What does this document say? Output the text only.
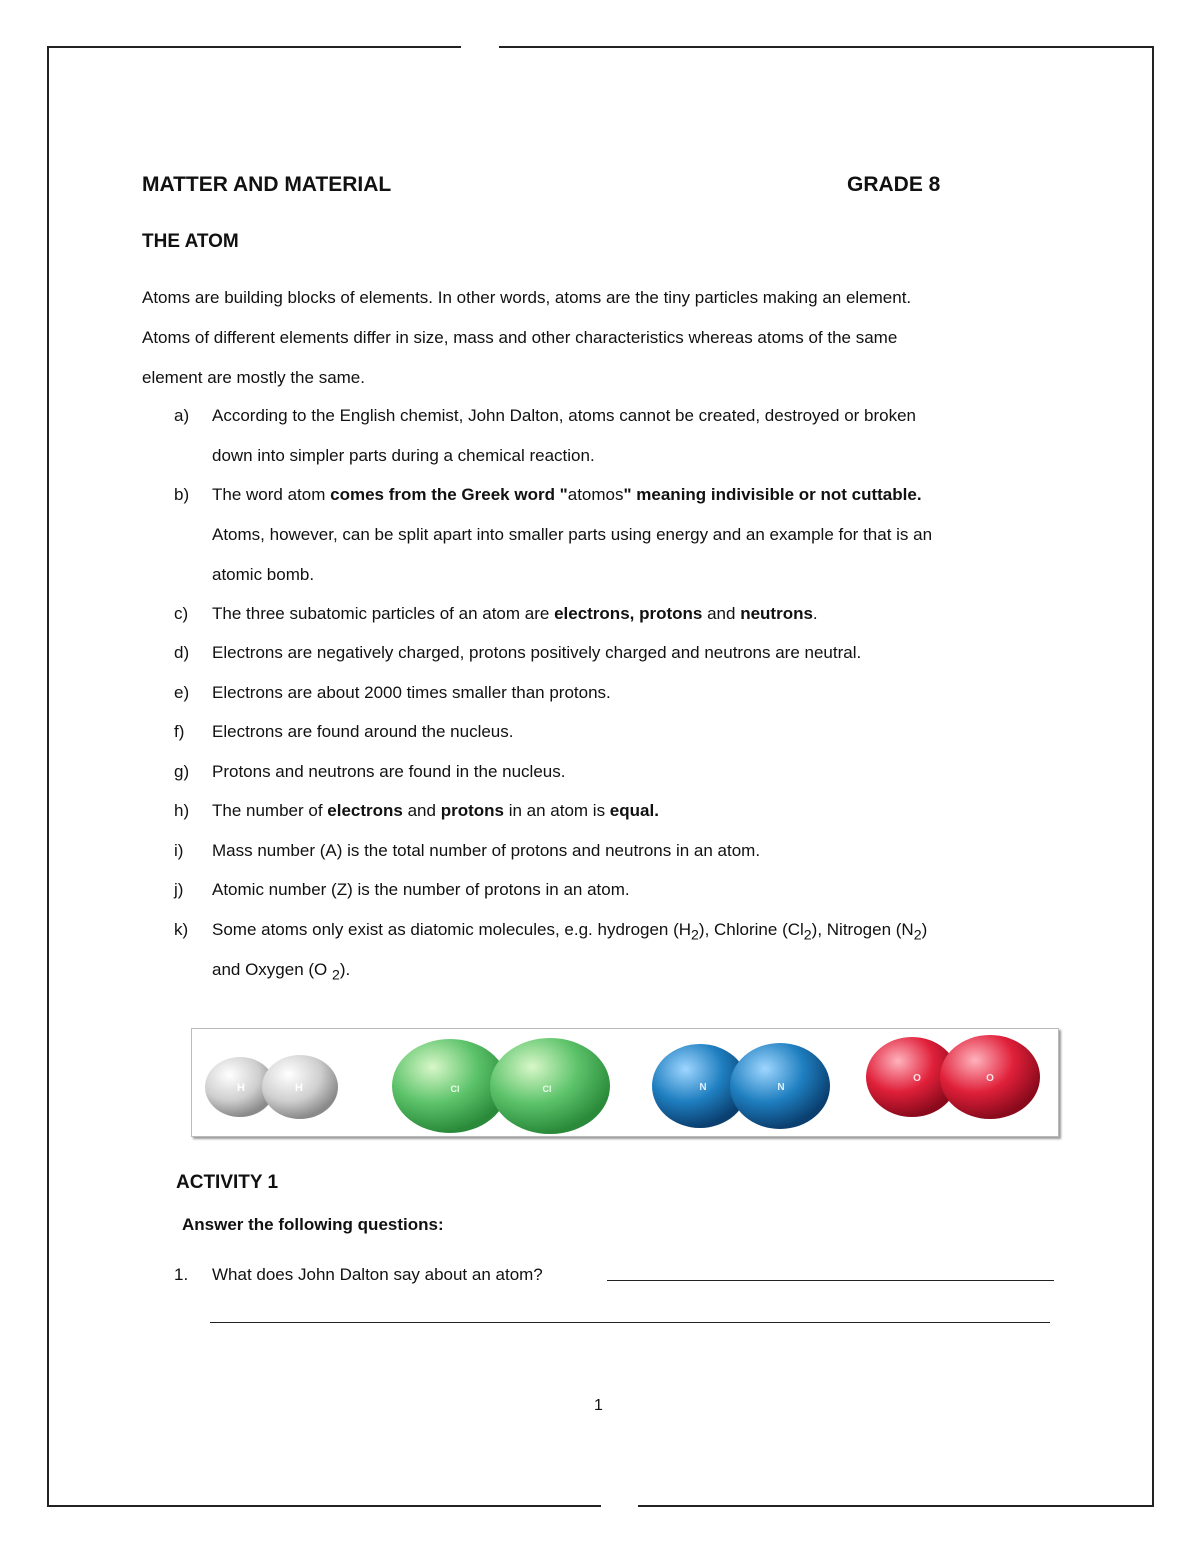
MATTER AND MATERIAL	GRADE 8
THE ATOM
Atoms are building blocks of elements. In other words, atoms are the tiny particles making an element.
Atoms of different elements differ in size, mass and other characteristics whereas atoms of the same
element are mostly the same.
a) According to the English chemist, John Dalton, atoms cannot be created, destroyed or broken
down into simpler parts during a chemical reaction.
b) The word atom comes from the Greek word "atomos" meaning indivisible or not cuttable.
Atoms, however, can be split apart into smaller parts using energy and an example for that is an
atomic bomb.
c) The three subatomic particles of an atom are electrons, protons and neutrons.
d) Electrons are negatively charged, protons positively charged and neutrons are neutral.
e) Electrons are about 2000 times smaller than protons.
f) Electrons are found around the nucleus.
g) Protons and neutrons are found in the nucleus.
h) The number of electrons and protons in an atom is equal.
i) Mass number (A) is the total number of protons and neutrons in an atom.
j) Atomic number (Z) is the number of protons in an atom.
k) Some atoms only exist as diatomic molecules, e.g. hydrogen $(H_2)$, Chlorine $(Cl_2)$, Nitrogen $(N_2)$
and Oxygen (O $_2$).
H	H	Cl	Cl	N	N
O	O
ACTIVITY 1
Answer the following questions:
1. What does John Dalton say about an atom?
1
